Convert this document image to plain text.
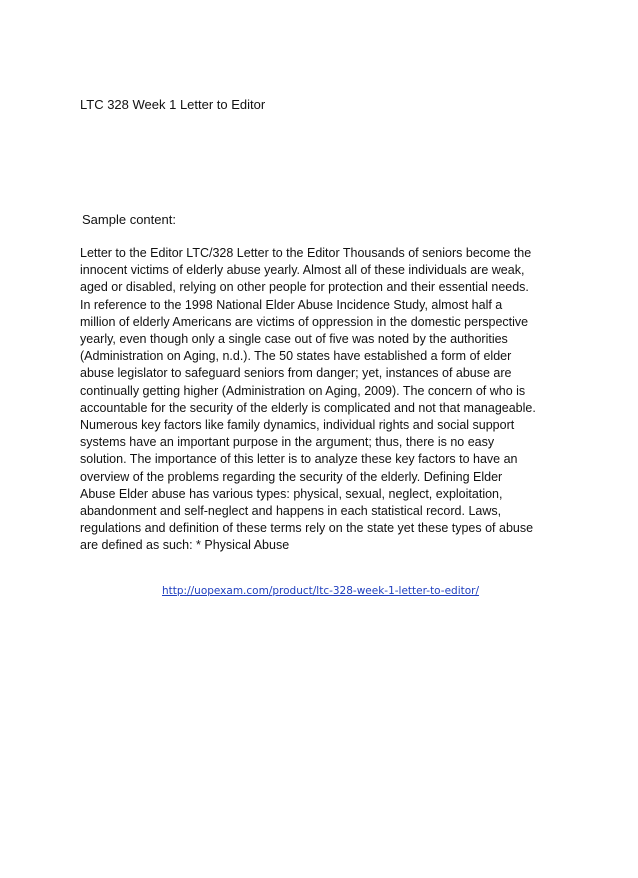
LTC 328 Week 1 Letter to Editor
Sample content:
Letter to the Editor LTC/328 Letter to the Editor Thousands of seniors become the
innocent victims of elderly abuse yearly. Almost all of these individuals are weak,
aged or disabled, relying on other people for protection and their essential needs.
In reference to the 1998 National Elder Abuse Incidence Study, almost half a
million of elderly Americans are victims of oppression in the domestic perspective
yearly, even though only a single case out of five was noted by the authorities
(Administration on Aging, n.d.). The 50 states have established a form of elder
abuse legislator to safeguard seniors from danger; yet, instances of abuse are
continually getting higher (Administration on Aging, 2009). The concern of who is
accountable for the security of the elderly is complicated and not that manageable.
Numerous key factors like family dynamics, individual rights and social support
systems have an important purpose in the argument; thus, there is no easy
solution. The importance of this letter is to analyze these key factors to have an
overview of the problems regarding the security of the elderly. Defining Elder
Abuse Elder abuse has various types: physical, sexual, neglect, exploitation,
abandonment and self-neglect and happens in each statistical record. Laws,
regulations and definition of these terms rely on the state yet these types of abuse
are defined as such: * Physical Abuse
http://uopexam.com/product/ltc-328-week-1-letter-to-editor/
